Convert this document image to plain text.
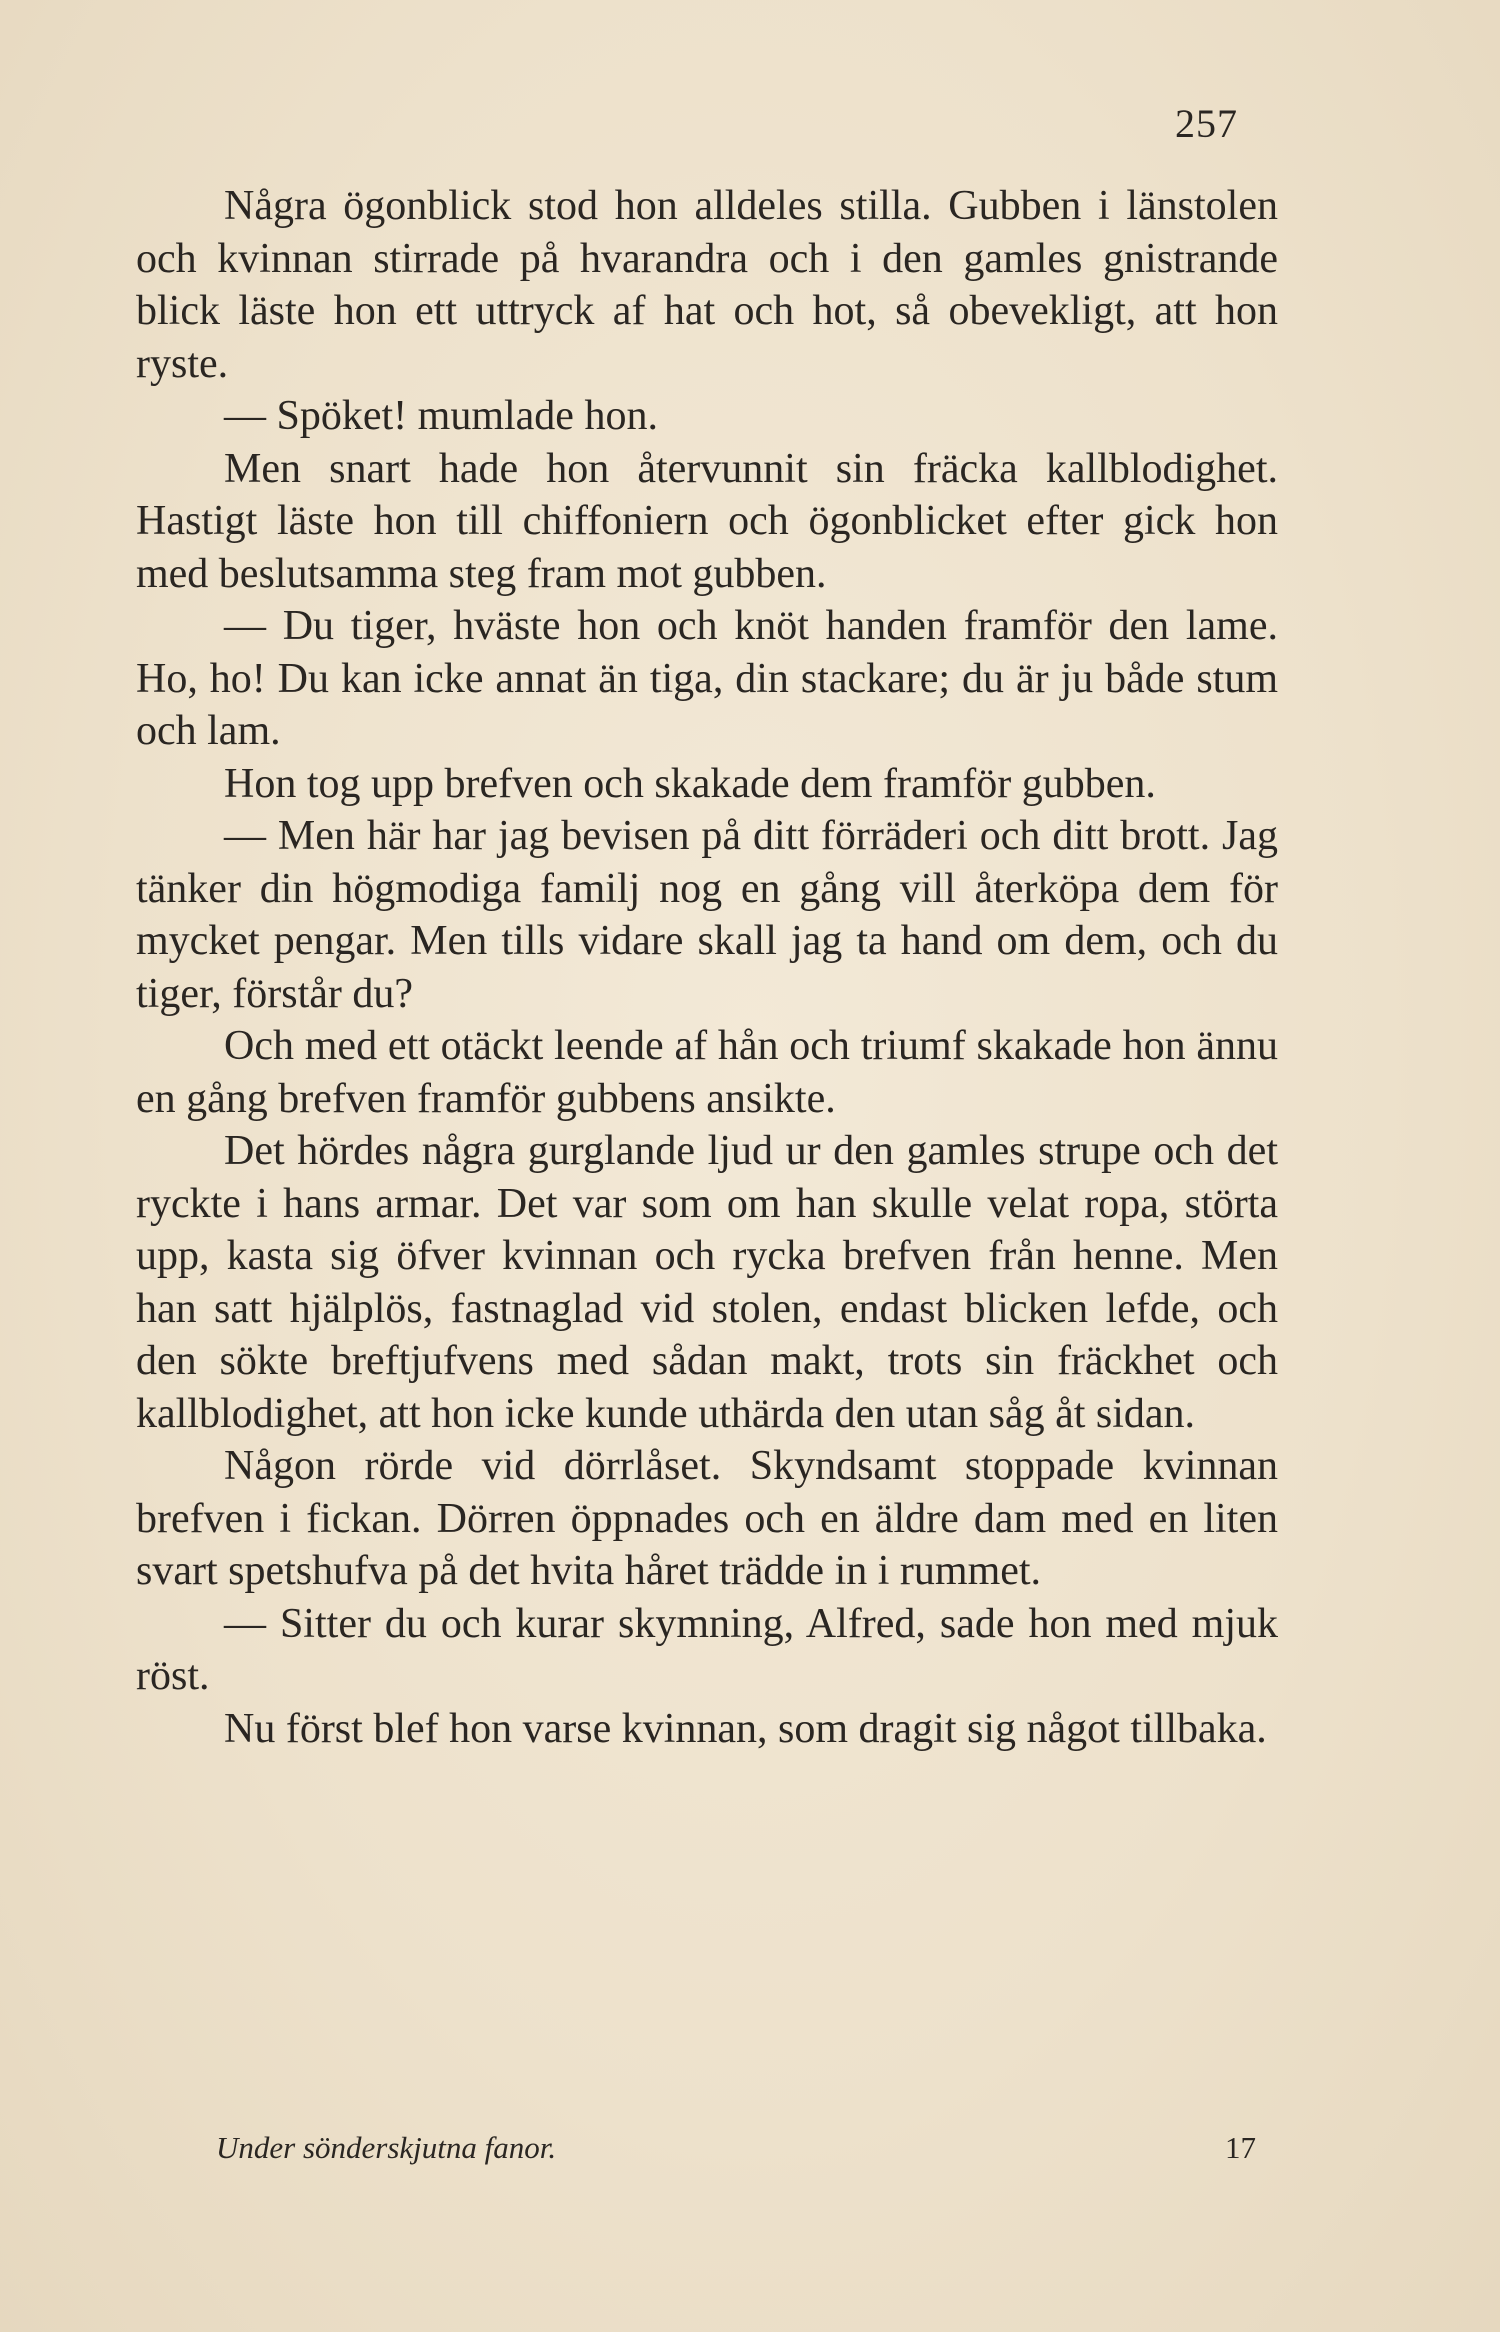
257

Några ögonblick stod hon alldeles stilla. Gubben i länstolen och kvinnan stirrade på hvarandra och i den gamles gnistrande blick läste hon ett uttryck af hat och hot, så obevekligt, att hon ryste.

— Spöket! mumlade hon.

Men snart hade hon återvunnit sin fräcka kallblodighet. Hastigt läste hon till chiffoniern och ögonblicket efter gick hon med beslutsamma steg fram mot gubben.

— Du tiger, hväste hon och knöt handen framför den lame. Ho, ho! Du kan icke annat än tiga, din stackare; du är ju både stum och lam.

Hon tog upp brefven och skakade dem framför gubben.

— Men här har jag bevisen på ditt förräderi och ditt brott. Jag tänker din högmodiga familj nog en gång vill återköpa dem för mycket pengar. Men tills vidare skall jag ta hand om dem, och du tiger, förstår du?

Och med ett otäckt leende af hån och triumf skakade hon ännu en gång brefven framför gubbens ansikte.

Det hördes några gurglande ljud ur den gamles strupe och det ryckte i hans armar. Det var som om han skulle velat ropa, störta upp, kasta sig öfver kvinnan och rycka brefven från henne. Men han satt hjälplös, fastnaglad vid stolen, endast blicken lefde, och den sökte breftjufvens med sådan makt, trots sin fräckhet och kallblodighet, att hon icke kunde uthärda den utan såg åt sidan.

Någon rörde vid dörrlåset. Skyndsamt stoppade kvinnan brefven i fickan. Dörren öppnades och en äldre dam med en liten svart spetshufva på det hvita håret trädde in i rummet.

— Sitter du och kurar skymning, Alfred, sade hon med mjuk röst.

Nu först blef hon varse kvinnan, som dragit sig något tillbaka.

Under sönderskjutna fanor.	17
